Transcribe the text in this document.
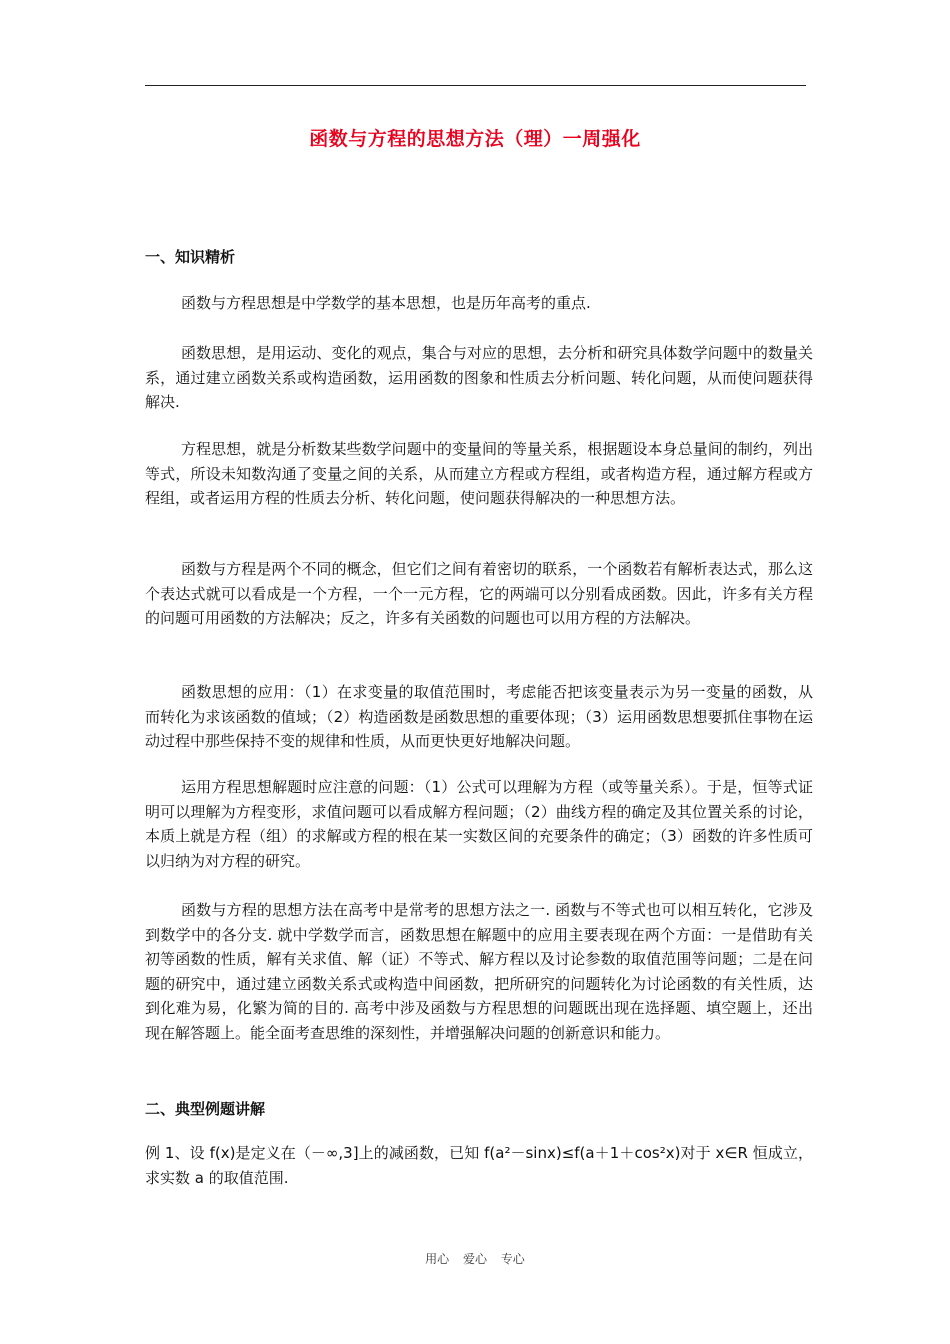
函数与方程的思想方法（理）一周强化
一、知识精析
函数与方程思想是中学数学的基本思想，也是历年高考的重点.
函数思想，是用运动、变化的观点，集合与对应的思想，去分析和研究具体数学问题中的数量关系，通过建立函数关系或构造函数，运用函数的图象和性质去分析问题、转化问题，从而使问题获得解决.
方程思想，就是分析数某些数学问题中的变量间的等量关系，根据题设本身总量间的制约，列出等式，所设未知数沟通了变量之间的关系，从而建立方程或方程组，或者构造方程，通过解方程或方程组，或者运用方程的性质去分析、转化问题，使问题获得解决的一种思想方法。
函数与方程是两个不同的概念，但它们之间有着密切的联系，一个函数若有解析表达式，那么这个表达式就可以看成是一个方程，一个一元方程，它的两端可以分别看成函数。因此，许多有关方程的问题可用函数的方法解决；反之，许多有关函数的问题也可以用方程的方法解决。
函数思想的应用：（1）在求变量的取值范围时，考虑能否把该变量表示为另一变量的函数，从而转化为求该函数的值域；（2）构造函数是函数思想的重要体现；（3）运用函数思想要抓住事物在运动过程中那些保持不变的规律和性质，从而更快更好地解决问题。
运用方程思想解题时应注意的问题：（1）公式可以理解为方程（或等量关系）。于是，恒等式证明可以理解为方程变形，求值问题可以看成解方程问题；（2）曲线方程的确定及其位置关系的讨论，本质上就是方程（组）的求解或方程的根在某一实数区间的充要条件的确定；（3）函数的许多性质可以归纳为对方程的研究。
函数与方程的思想方法在高考中是常考的思想方法之一. 函数与不等式也可以相互转化，它涉及到数学中的各分支. 就中学数学而言，函数思想在解题中的应用主要表现在两个方面：一是借助有关初等函数的性质，解有关求值、解（证）不等式、解方程以及讨论参数的取值范围等问题；二是在问题的研究中，通过建立函数关系式或构造中间函数，把所研究的问题转化为讨论函数的有关性质，达到化难为易，化繁为简的目的. 高考中涉及函数与方程思想的问题既出现在选择题、填空题上，还出现在解答题上。能全面考查思维的深刻性，并增强解决问题的创新意识和能力。
二、典型例题讲解
例 1、设 f(x)是定义在（－∞,3]上的减函数，已知 f(a²－sinx)≤f(a＋1＋cos²x)对于 x∈R 恒成立，求实数 a 的取值范围.
用心 爱心 专心
